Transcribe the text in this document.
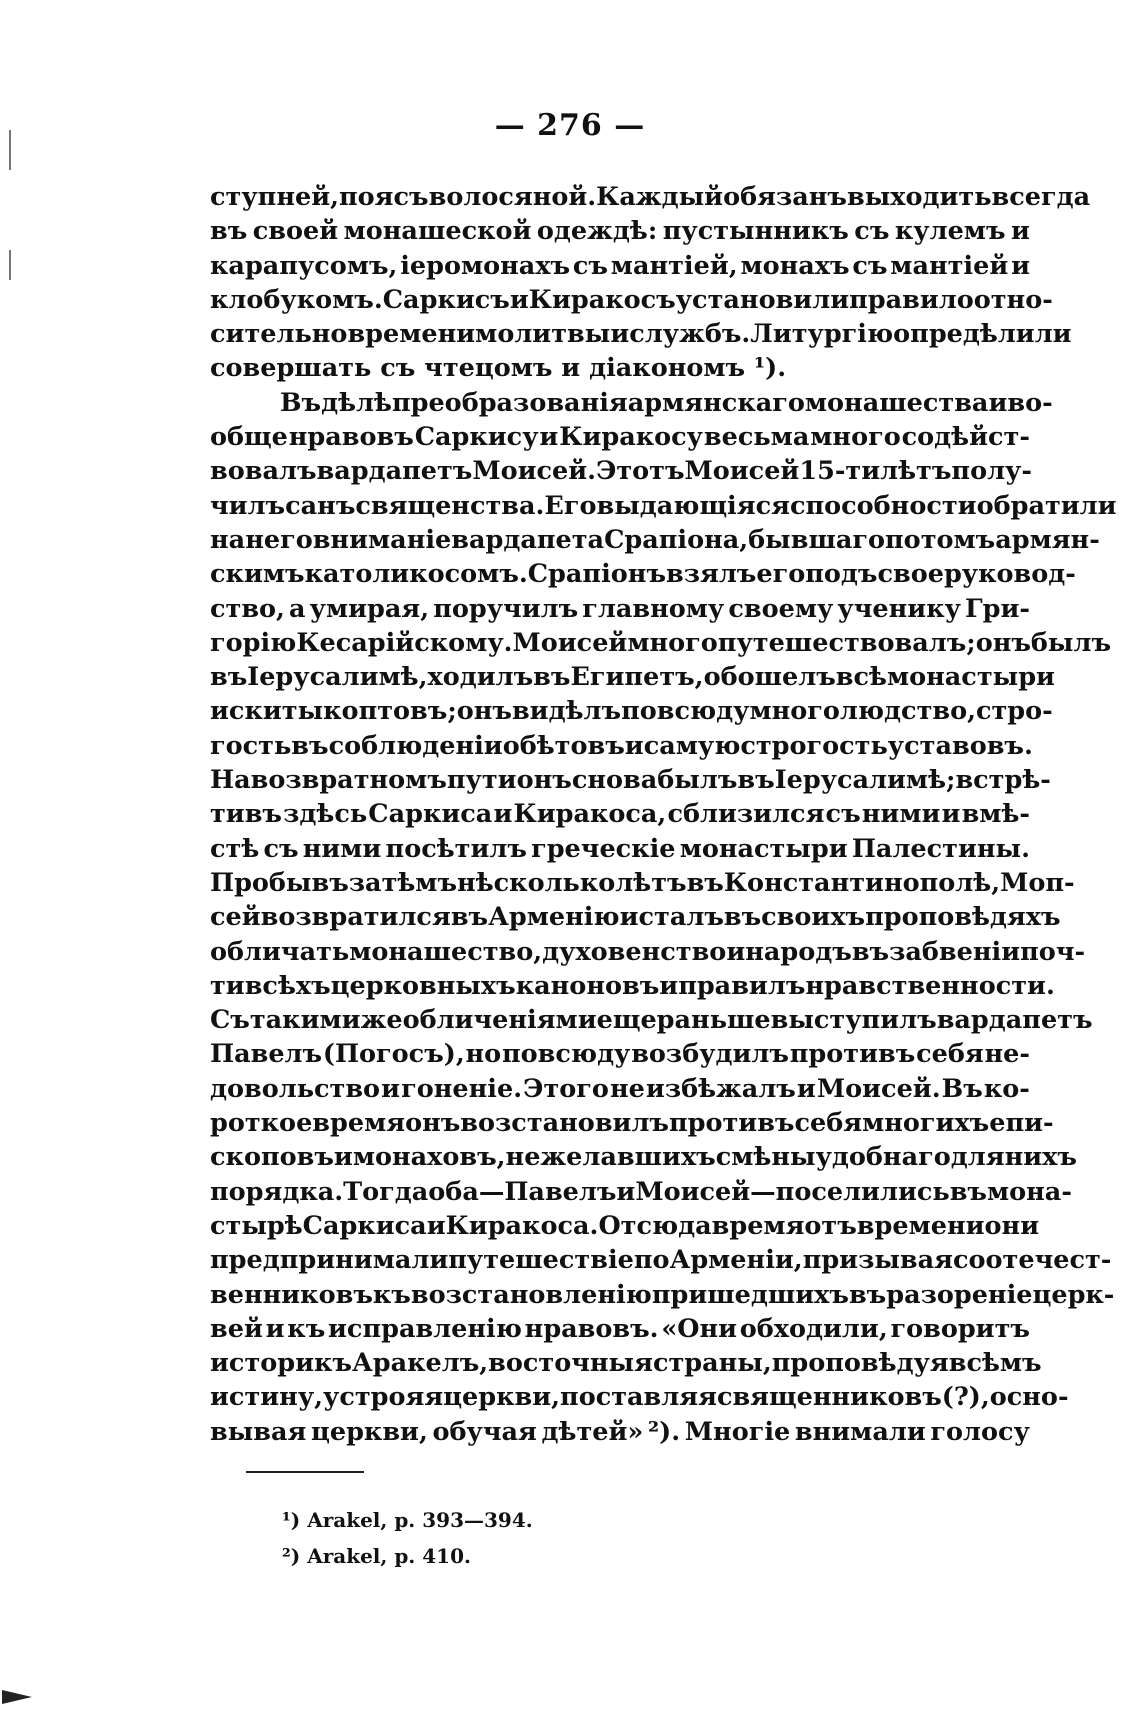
— 276 —
ступней, поясъ волосяной. Каждый обязанъ выходить всегда
въ своей монашеской одеждѣ: пустынникъ съ кулемъ и
карапусомъ, іеромонахъ съ мантіей, монахъ съ мантіей и
клобукомъ. Саркисъ и Киракосъ установили правило отно-
сительно времени молитвы и службъ. Литургію опредѣлили
совершать съ чтецомъ и діакономъ ¹).
Въ дѣлѣ преобразованія армянскаго монашества и во-
обще нравовъ Саркису и Киракосу весьма много содѣйст-
вовалъ вардапетъ Моисей. Этотъ Моисей 15-ти лѣтъ полу-
чилъ санъ священства. Его выдающіяся способности обратили
на него вниманіе вардапета Срапіона, бывшаго потомъ армян-
скимъ католикосомъ. Срапіонъ взялъ его подъ свое руковод-
ство, а умирая, поручилъ главному своему ученику Гри-
горію Кесарійскому. Моисей много путешествовалъ; онъ былъ
въ Іерусалимѣ, ходилъ въ Египетъ, обошелъ всѣ монастыри
и скиты коптовъ; онъ видѣлъ повсюду многолюдство, стро-
гость въ соблюденіи обѣтовъ и самую строгость уставовъ.
На возвратномъ пути онъ снова былъ въ Іерусалимѣ; встрѣ-
тивъ здѣсь Саркиса и Киракоса, сблизился съ ними и вмѣ-
стѣ съ ними посѣтилъ греческіе монастыри Палестины.
Пробывъ затѣмъ нѣсколько лѣтъ въ Константинополѣ, Моп-
сей возвратился въ Арменію и сталъ въ своихъ проповѣдяхъ
обличать монашество, духовенство и народъ въ забвеніи поч-
ти всѣхъ церковныхъ каноновъ и правилъ нравственности.
Съ такими же обличеніями еще раньше выступилъ вардапетъ
Павелъ (Погосъ), но повсюду возбудилъ противъ себя не-
довольство и гоненіе. Этого не избѣжалъ и Моисей. Въ ко-
роткое время онъ возстановилъ противъ себя многихъ епи-
скоповъ и монаховъ, нежелавшихъ смѣны удобнаго для нихъ
порядка. Тогда оба—Павелъ и Моисей—поселились въ мона-
стырѣ Саркиса и Киракоса. Отсюда время отъ времени они
предпринимали путешествіе по Арменіи, призывая соотечест-
венниковъ къ возстановленію пришедшихъ въ разореніе церк-
вей и къ исправленію нравовъ. «Они обходили, говоритъ
историкъ Аракелъ, восточныя страны, проповѣдуя всѣмъ
истину, устрояя церкви, поставляя священниковъ (?), осно-
вывая церкви, обучая дѣтей» ²). Многіе внимали голосу
¹) Arakel, p. 393—394.
²) Arakel, p. 410.
